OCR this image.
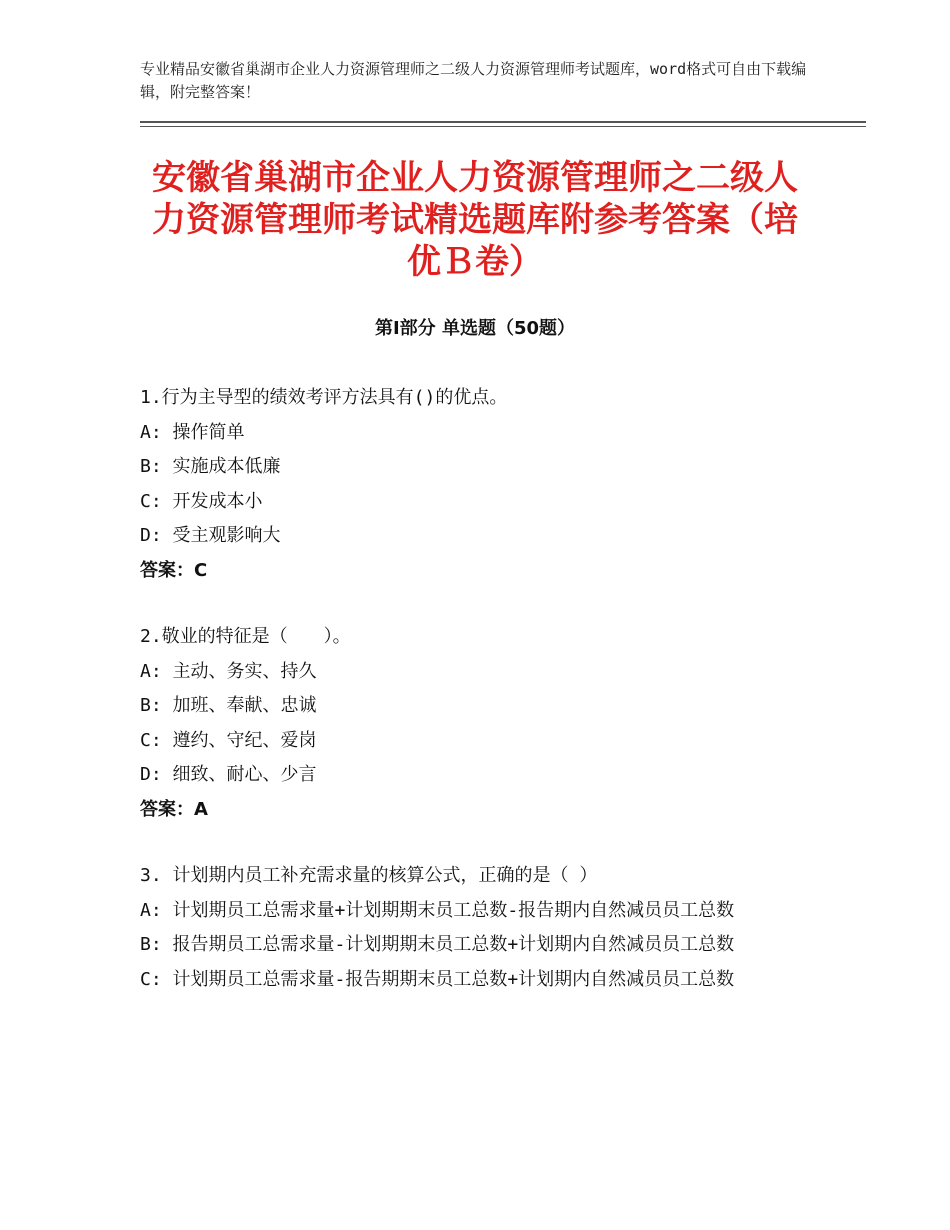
专业精品安徽省巢湖市企业人力资源管理师之二级人力资源管理师考试题库，word格式可自由下载编辑，附完整答案！
安徽省巢湖市企业人力资源管理师之二级人力资源管理师考试精选题库附参考答案（培优Ｂ卷）
第Ⅰ部分 单选题（50题）
1.行为主导型的绩效考评方法具有()的优点。
A: 操作简单
B: 实施成本低廉
C: 开发成本小
D: 受主观影响大
答案：C
2.敬业的特征是（　　）。
A: 主动、务实、持久
B: 加班、奉献、忠诚
C: 遵约、守纪、爱岗
D: 细致、耐心、少言
答案：A
3. 计划期内员工补充需求量的核算公式，正确的是（ ）
A: 计划期员工总需求量+计划期期末员工总数-报告期内自然减员员工总数
B: 报告期员工总需求量-计划期期末员工总数+计划期内自然减员员工总数
C: 计划期员工总需求量-报告期期末员工总数+计划期内自然减员员工总数
